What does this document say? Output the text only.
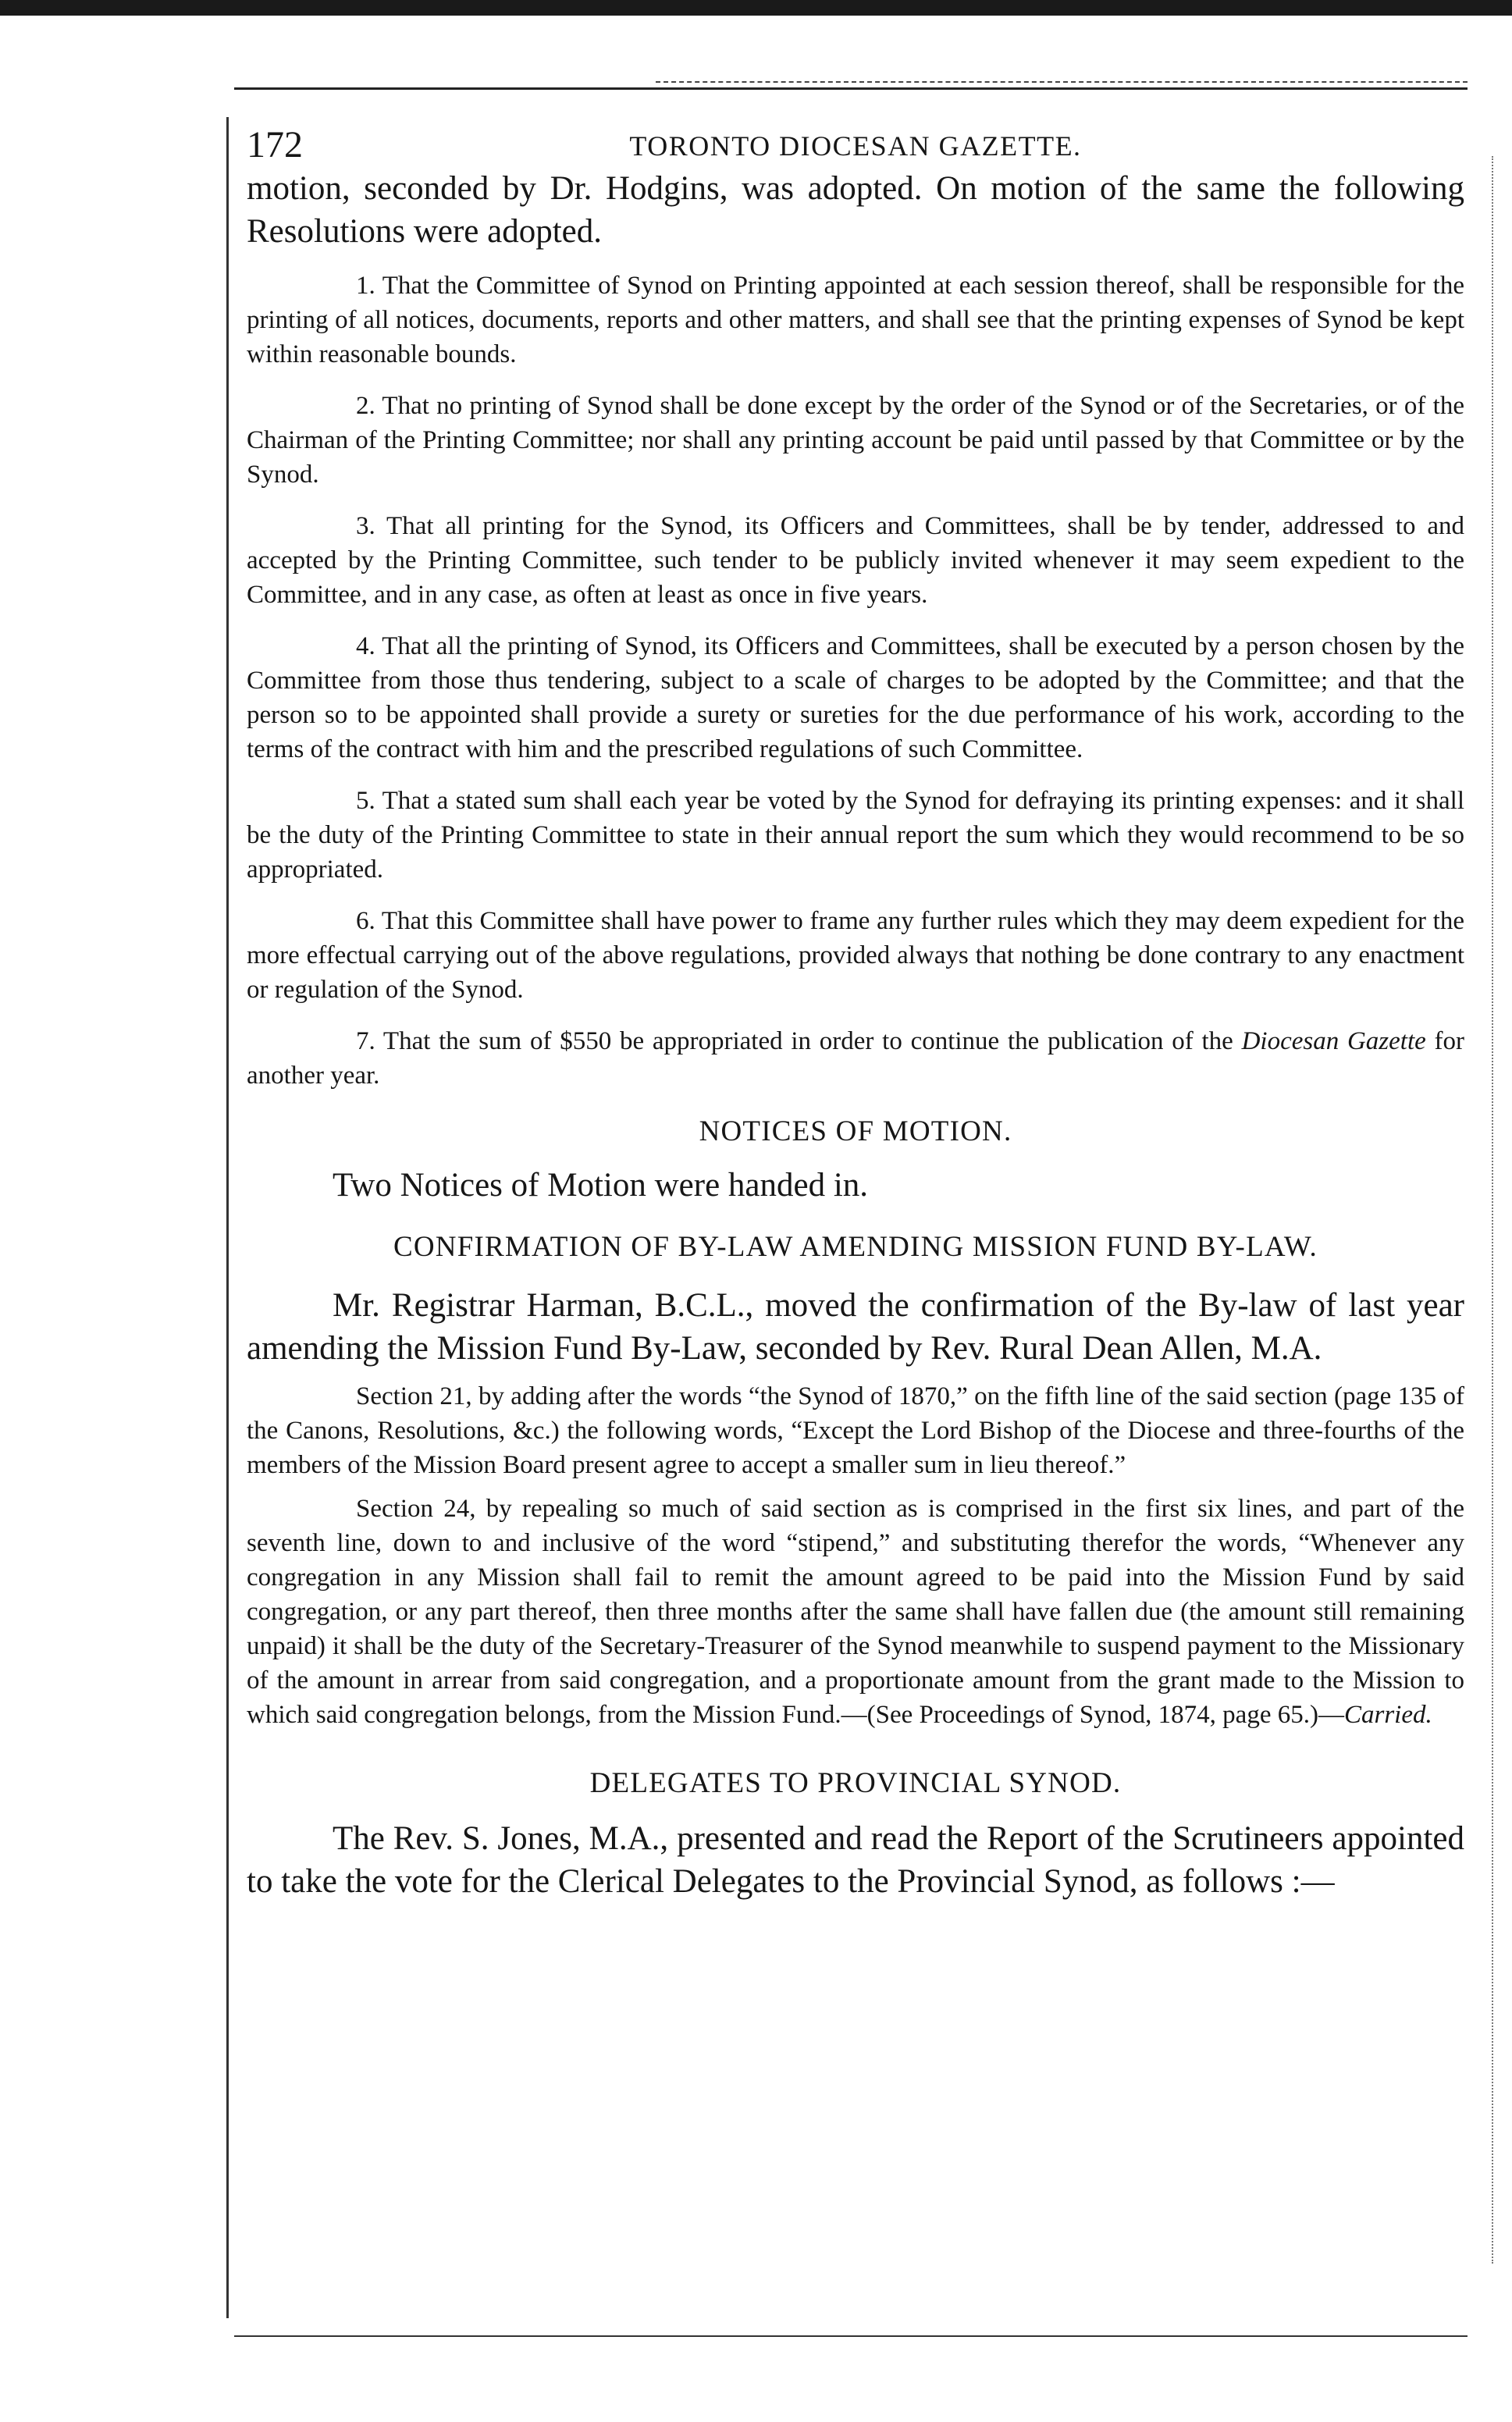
172	TORONTO DIOCESAN GAZETTE.

motion, seconded by Dr. Hodgins, was adopted. On motion of the same the following Resolutions were adopted.

1. That the Committee of Synod on Printing appointed at each session thereof, shall be responsible for the printing of all notices, documents, reports and other matters, and shall see that the printing expenses of Synod be kept within reasonable bounds.

2. That no printing of Synod shall be done except by the order of the Synod or of the Secretaries, or of the Chairman of the Printing Committee; nor shall any printing account be paid until passed by that Committee or by the Synod.

3. That all printing for the Synod, its Officers and Committees, shall be by tender, addressed to and accepted by the Printing Committee, such tender to be publicly invited whenever it may seem expedient to the Committee, and in any case, as often at least as once in five years.

4. That all the printing of Synod, its Officers and Committees, shall be executed by a person chosen by the Committee from those thus tendering, subject to a scale of charges to be adopted by the Committee; and that the person so to be appointed shall provide a surety or sureties for the due performance of his work, according to the terms of the contract with him and the prescribed regulations of such Committee.

5. That a stated sum shall each year be voted by the Synod for defraying its printing expenses: and it shall be the duty of the Printing Committee to state in their annual report the sum which they would recommend to be so appropriated.

6. That this Committee shall have power to frame any further rules which they may deem expedient for the more effectual carrying out of the above regulations, provided always that nothing be done contrary to any enactment or regulation of the Synod.

7. That the sum of $550 be appropriated in order to continue the publication of the Diocesan Gazette for another year.

NOTICES OF MOTION.

Two Notices of Motion were handed in.

CONFIRMATION OF BY-LAW AMENDING MISSION FUND BY-LAW.

Mr. Registrar Harman, B.C.L., moved the confirmation of the By-law of last year amending the Mission Fund By-Law, seconded by Rev. Rural Dean Allen, M.A.

Section 21, by adding after the words “the Synod of 1870,” on the fifth line of the said section (page 135 of the Canons, Resolutions, &c.) the following words, “Except the Lord Bishop of the Diocese and three-fourths of the members of the Mission Board present agree to accept a smaller sum in lieu thereof.”

Section 24, by repealing so much of said section as is comprised in the first six lines, and part of the seventh line, down to and inclusive of the word “stipend,” and substituting therefor the words, “Whenever any congregation in any Mission shall fail to remit the amount agreed to be paid into the Mission Fund by said congregation, or any part thereof, then three months after the same shall have fallen due (the amount still remaining unpaid) it shall be the duty of the Secretary-Treasurer of the Synod meanwhile to suspend payment to the Missionary of the amount in arrear from said congregation, and a proportionate amount from the grant made to the Mission to which said congregation belongs, from the Mission Fund.—(See Proceedings of Synod, 1874, page 65.)—Carried.

DELEGATES TO PROVINCIAL SYNOD.

The Rev. S. Jones, M.A., presented and read the Report of the Scrutineers appointed to take the vote for the Clerical Delegates to the Provincial Synod, as follows :—
